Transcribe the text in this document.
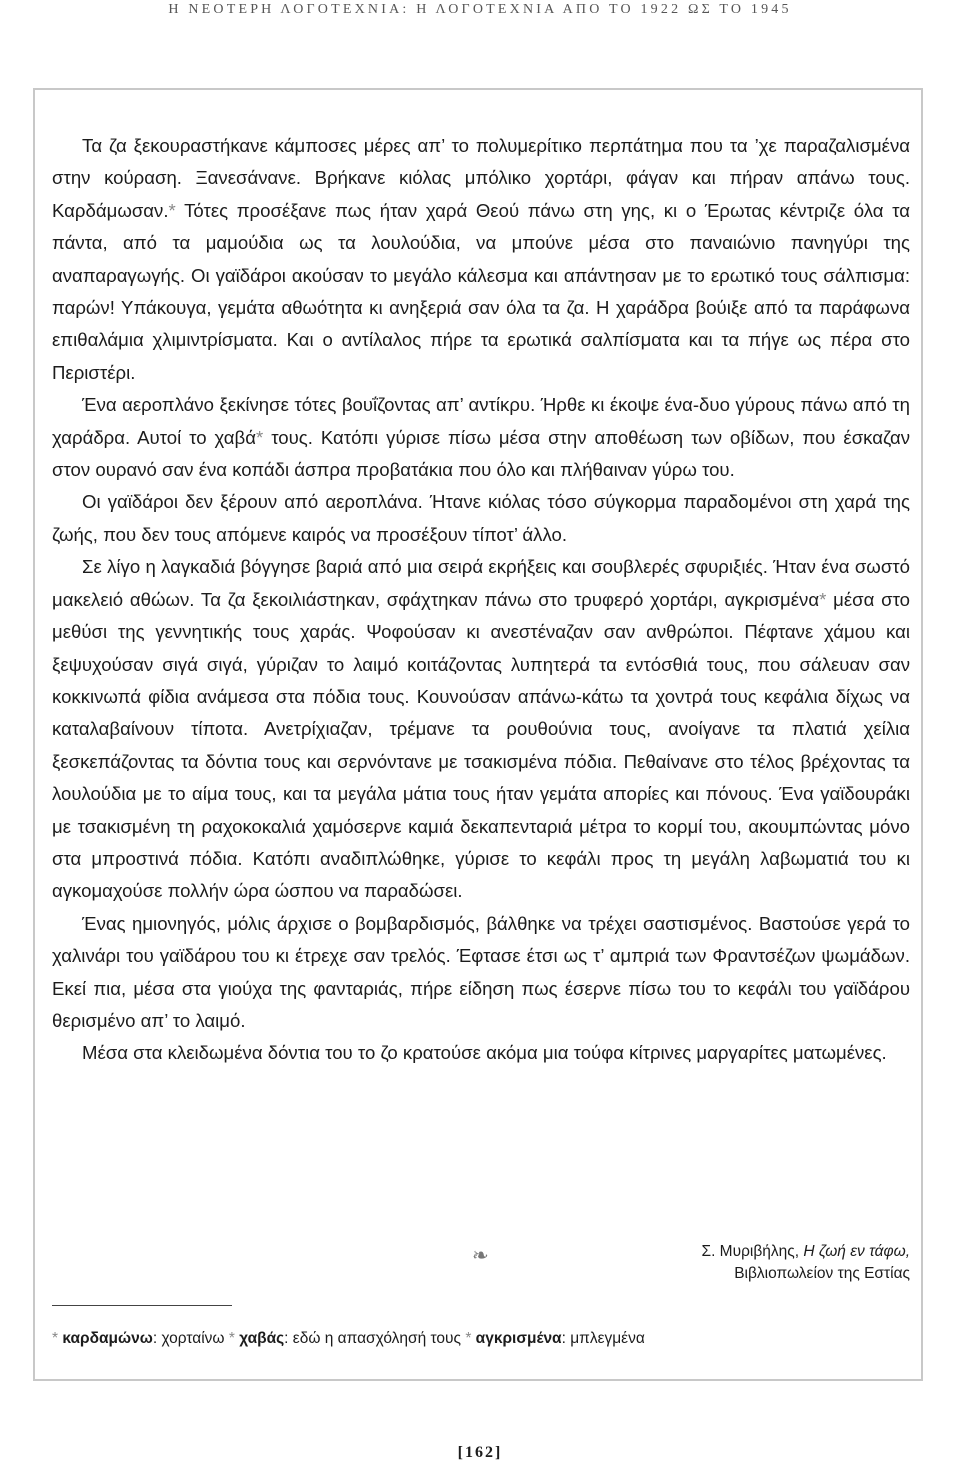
Η ΝΕΟΤΕΡΗ ΛΟΓΟΤΕΧΝΙΑ: Η ΛΟΓΟΤΕΧΝΙΑ ΑΠΟ ΤΟ 1922 ΩΣ ΤΟ 1945

Τα ζα ξεκουραστήκανε κάμποσες μέρες απ’ το πολυμερίτικο περπάτημα που τα ’χε παραζαλισμένα στην κούραση. Ξανεσάνανε. Βρήκανε κιόλας μπόλικο χορτάρι, φάγαν και πήραν απάνω τους. Καρδάμωσαν.* Τότες προσέξανε πως ήταν χαρά Θεού πάνω στη γης, κι ο Έρωτας κέντριζε όλα τα πάντα, από τα μαμούδια ως τα λουλούδια, να μπούνε μέσα στο παναιώνιο πανηγύρι της αναπαραγωγής. Οι γαϊδάροι ακούσαν το μεγάλο κάλεσμα και απάντησαν με το ερωτικό τους σάλπισμα: παρών! Υπάκουγα, γεμάτα αθωότητα κι ανηξεριά σαν όλα τα ζα. Η χαράδρα βούιξε από τα παράφωνα επιθαλάμια χλιμιντρίσματα. Και ο αντίλαλος πήρε τα ερωτικά σαλπίσματα και τα πήγε ως πέρα στο Περιστέρι.

Ένα αεροπλάνο ξεκίνησε τότες βουΐζοντας απ’ αντίκρυ. Ήρθε κι έκοψε ένα-δυο γύρους πάνω από τη χαράδρα. Αυτοί το χαβά* τους. Κατόπι γύρισε πίσω μέσα στην αποθέωση των οβίδων, που έσκαζαν στον ουρανό σαν ένα κοπάδι άσπρα προβατάκια που όλο και πλήθαιναν γύρω του.

Οι γαϊδάροι δεν ξέρουν από αεροπλάνα. Ήτανε κιόλας τόσο σύγκορμα παραδομένοι στη χαρά της ζωής, που δεν τους απόμενε καιρός να προσέξουν τίποτ’ άλλο.

Σε λίγο η λαγκαδιά βόγγησε βαριά από μια σειρά εκρήξεις και σουβλερές σφυριξιές. Ήταν ένα σωστό μακελειό αθώων. Τα ζα ξεκοιλιάστηκαν, σφάχτηκαν πάνω στο τρυφερό χορτάρι, αγκρισμένα* μέσα στο μεθύσι της γεννητικής τους χαράς. Ψοφούσαν κι ανεστέναζαν σαν ανθρώποι. Πέφτανε χάμου και ξεψυχούσαν σιγά σιγά, γύριζαν το λαιμό κοιτάζοντας λυπητερά τα εντόσθιά τους, που σάλευαν σαν κοκκινωπά φίδια ανάμεσα στα πόδια τους. Κουνούσαν απάνω-κάτω τα χοντρά τους κεφάλια δίχως να καταλαβαίνουν τίποτα. Ανετρίχιαζαν, τρέμανε τα ρουθούνια τους, ανοίγανε τα πλατιά χείλια ξεσκεπάζοντας τα δόντια τους και σερνόντανε με τσακισμένα πόδια. Πεθαίνανε στο τέλος βρέχοντας τα λουλούδια με το αίμα τους, και τα μεγάλα μάτια τους ήταν γεμάτα απορίες και πόνους. Ένα γαϊδουράκι με τσακισμένη τη ραχοκοκαλιά χαμόσερνε καμιά δεκαπενταριά μέτρα το κορμί του, ακουμπώντας μόνο στα μπροστινά πόδια. Κατόπι αναδιπλώθηκε, γύρισε το κεφάλι προς τη μεγάλη λαβωματιά του κι αγκομαχούσε πολλήν ώρα ώσπου να παραδώσει.

Ένας ημιονηγός, μόλις άρχισε ο βομβαρδισμός, βάλθηκε να τρέχει σαστισμένος. Βαστούσε γερά το χαλινάρι του γαϊδάρου του κι έτρεχε σαν τρελός. Έφτασε έτσι ως τ’ αμπριά των Φραντσέζων ψωμάδων. Εκεί πια, μέσα στα γιούχα της φανταριάς, πήρε είδηση πως έσερνε πίσω του το κεφάλι του γαϊδάρου θερισμένο απ’ το λαιμό.

Μέσα στα κλειδωμένα δόντια του το ζο κρατούσε ακόμα μια τούφα κίτρινες μαργαρίτες ματωμένες.

❧	Σ. Μυριβήλης, Η ζωή εν τάφω,
Βιβλιοπωλείον της Εστίας
* καρδαμώνω: χορταίνω * χαβάς: εδώ η απασχόλησή τους * αγκρισμένα: μπλεγμένα
[162]
